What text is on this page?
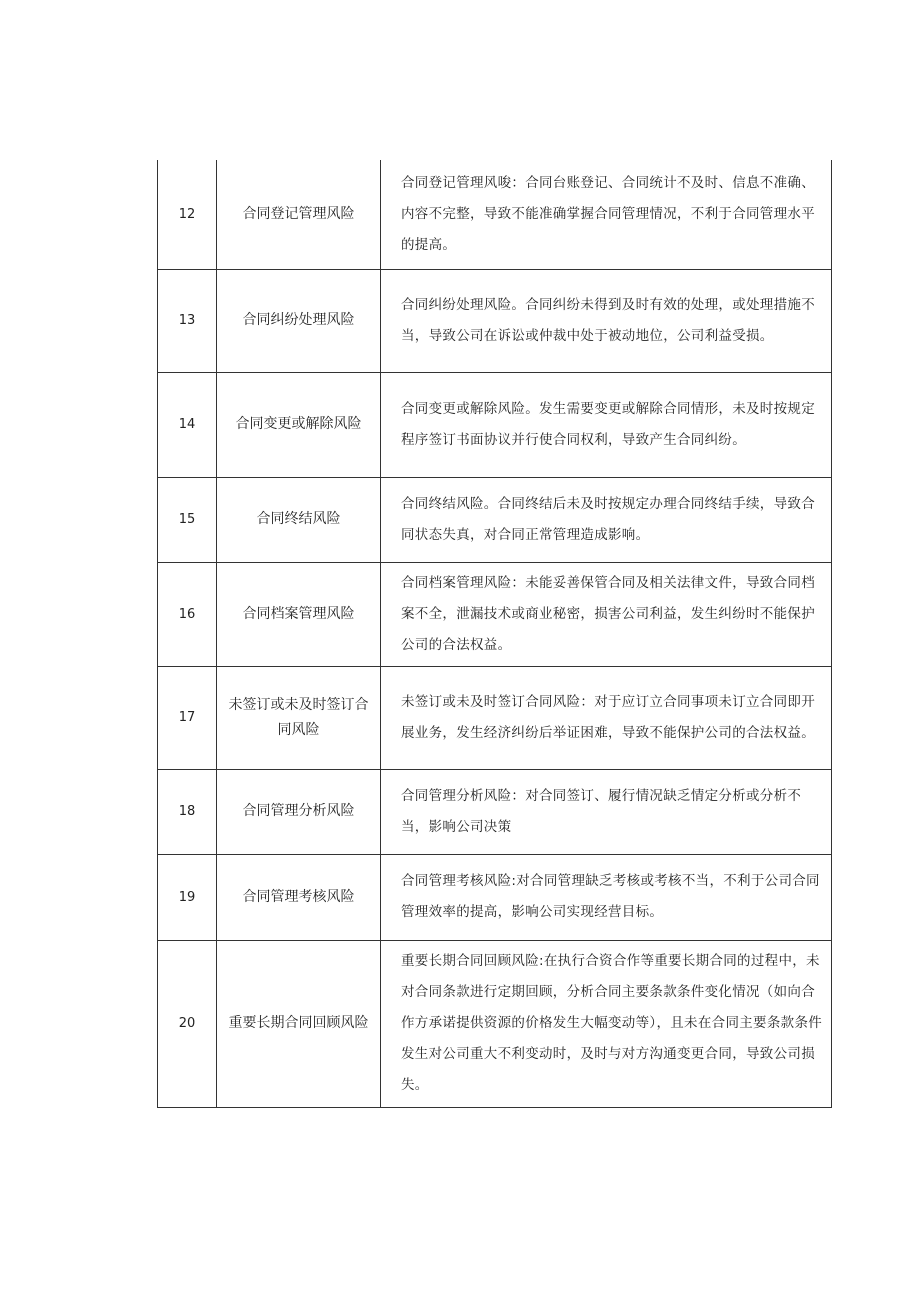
12	合同登记管理风险	合同登记管理风唆：合同台账登记、合同统计不及时、信息不准确、内容不完整，导致不能准确掌握合同管理情况，不利于合同管理水平的提高。
13	合同纠纷处理风险	合同纠纷处理风险。合同纠纷未得到及时有效的处理，或处理措施不当，导致公司在诉讼或仲裁中处于被动地位，公司利益受损。
14	合同变更或解除风险	合同变更或解除风险。发生需要变更或解除合同情形，未及时按规定程序签订书面协议并行使合同权利，导致产生合同纠纷。
15	合同终结风险	合同终结风险。合同终结后未及时按规定办理合同终结手续，导致合同状态失真，对合同正常管理造成影响。
16	合同档案管理风险	合同档案管理风险：未能妥善保管合同及相关法律文件，导致合同档案不全，泄漏技术或商业秘密，损害公司利益，发生纠纷时不能保护公司的合法权益。
17	未签订或未及时签订合同风险	未签订或未及时签订合同风险：对于应订立合同事项未订立合同即开展业务，发生经济纠纷后举证困难，导致不能保护公司的合法权益。
18	合同管理分析风险	合同管理分析风险：对合同签订、履行情况缺乏情定分析或分析不当，影响公司决策
19	合同管理考核风险	合同管理考核风险:对合同管理缺乏考核或考核不当，不利于公司合同管理效率的提高，影响公司实现经营目标。
20	重要长期合同回顾风险	重要长期合同回顾风险:在执行合资合作等重要长期合同的过程中，未对合同条款进行定期回顾，分析合同主要条款条件变化情况（如向合作方承诺提供资源的价格发生大幅变动等），且未在合同主要条款条件发生对公司重大不利变动时，及时与对方沟通变更合同，导致公司损失。
